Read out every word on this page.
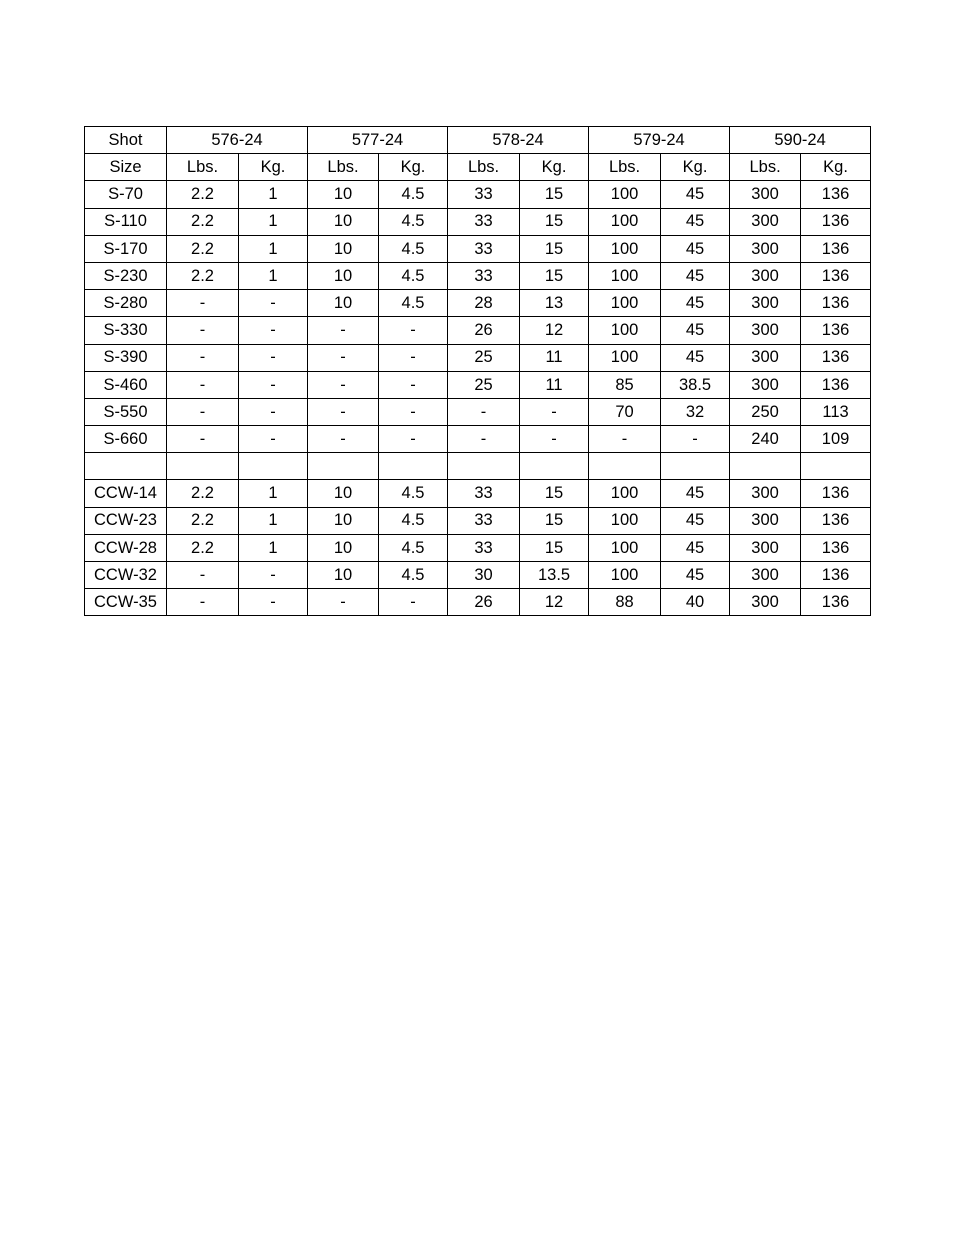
Shot	576-24		577-24		578-24		579-24		590-24	
Size	Lbs.	Kg.	Lbs.	Kg.	Lbs.	Kg.	Lbs.	Kg.	Lbs.	Kg.
S-70	2.2	1	10	4.5	33	15	100	45	300	136
S-110	2.2	1	10	4.5	33	15	100	45	300	136
S-170	2.2	1	10	4.5	33	15	100	45	300	136
S-230	2.2	1	10	4.5	33	15	100	45	300	136
S-280	-	-	10	4.5	28	13	100	45	300	136
S-330	-	-	-	-	26	12	100	45	300	136
S-390	-	-	-	-	25	11	100	45	300	136
S-460	-	-	-	-	25	11	85	38.5	300	136
S-550	-	-	-	-	-	-	70	32	250	113
S-660	-	-	-	-	-	-	-	-	240	109

CCW-14	2.2	1	10	4.5	33	15	100	45	300	136
CCW-23	2.2	1	10	4.5	33	15	100	45	300	136
CCW-28	2.2	1	10	4.5	33	15	100	45	300	136
CCW-32	-	-	10	4.5	30	13.5	100	45	300	136
CCW-35	-	-	-	-	26	12	88	40	300	136
